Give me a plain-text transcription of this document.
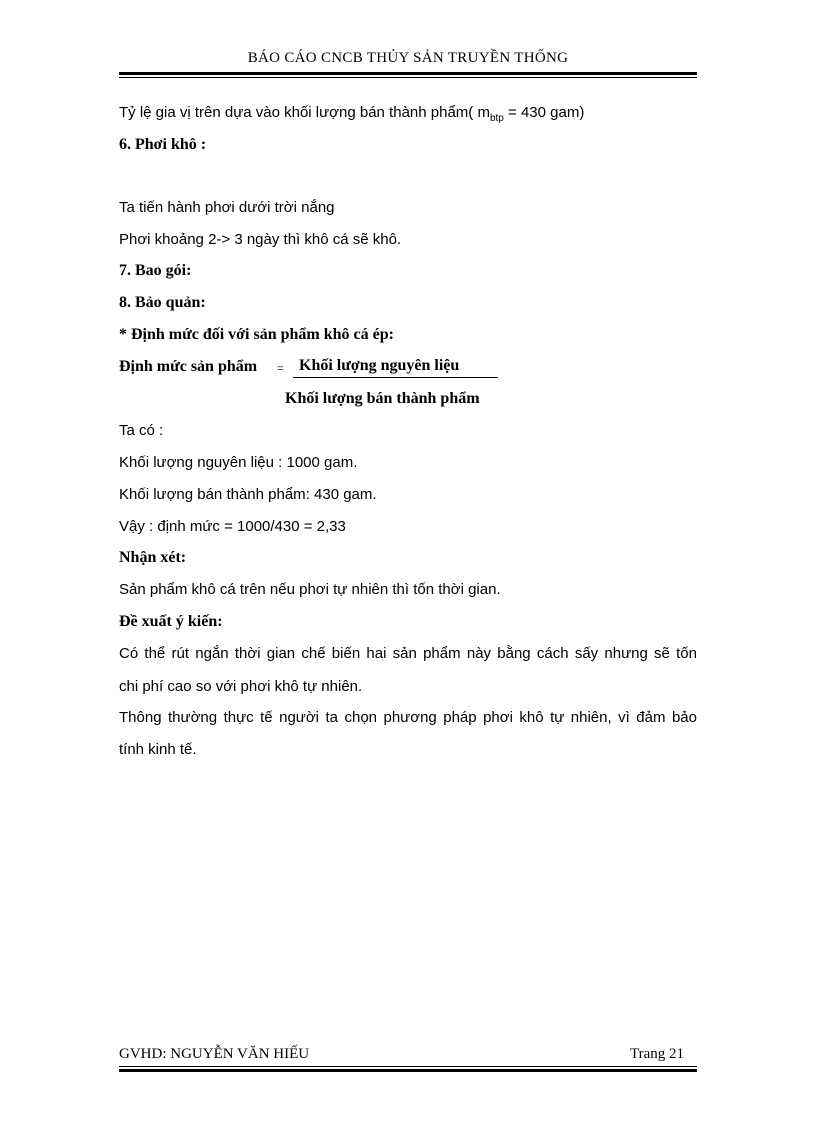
BÁO CÁO CNCB THỦY SẢN TRUYỀN THỐNG
Tỷ lệ gia vị trên dựa vào khối lượng bán thành phẩm( $m_{btp} = 430$ gam)
6. Phơi khô :
Ta tiến hành phơi dưới trời nắng
Phơi khoảng 2-> 3 ngày thì khô cá sẽ khô.
7. Bao gói:
8. Bảo quản:
* Định mức đối với sản phẩm khô cá ép:
Định mức sản phẩm	= Khối lượng nguyên liệu
Khối lượng bán thành phẩm
Ta có :
Khối lượng nguyên liệu : 1000 gam.
Khối lượng bán thành phẩm: 430 gam.
Vậy : định mức = 1000/430 = 2,33
Nhận xét:
Sản phẩm khô cá trên nếu phơi tự nhiên thì tốn thời gian.
Đề xuất ý kiến:
Có thể rút ngắn thời gian chế biến hai sản phẩm này bằng cách sấy nhưng sẽ tốn
chi phí cao so với phơi khô tự nhiên.
Thông thường thực tế người ta chọn phương pháp phơi khô tự nhiên, vì đảm bảo
tính kinh tế.
GVHD: NGUYỄN VĂN HIẾU	Trang 21
